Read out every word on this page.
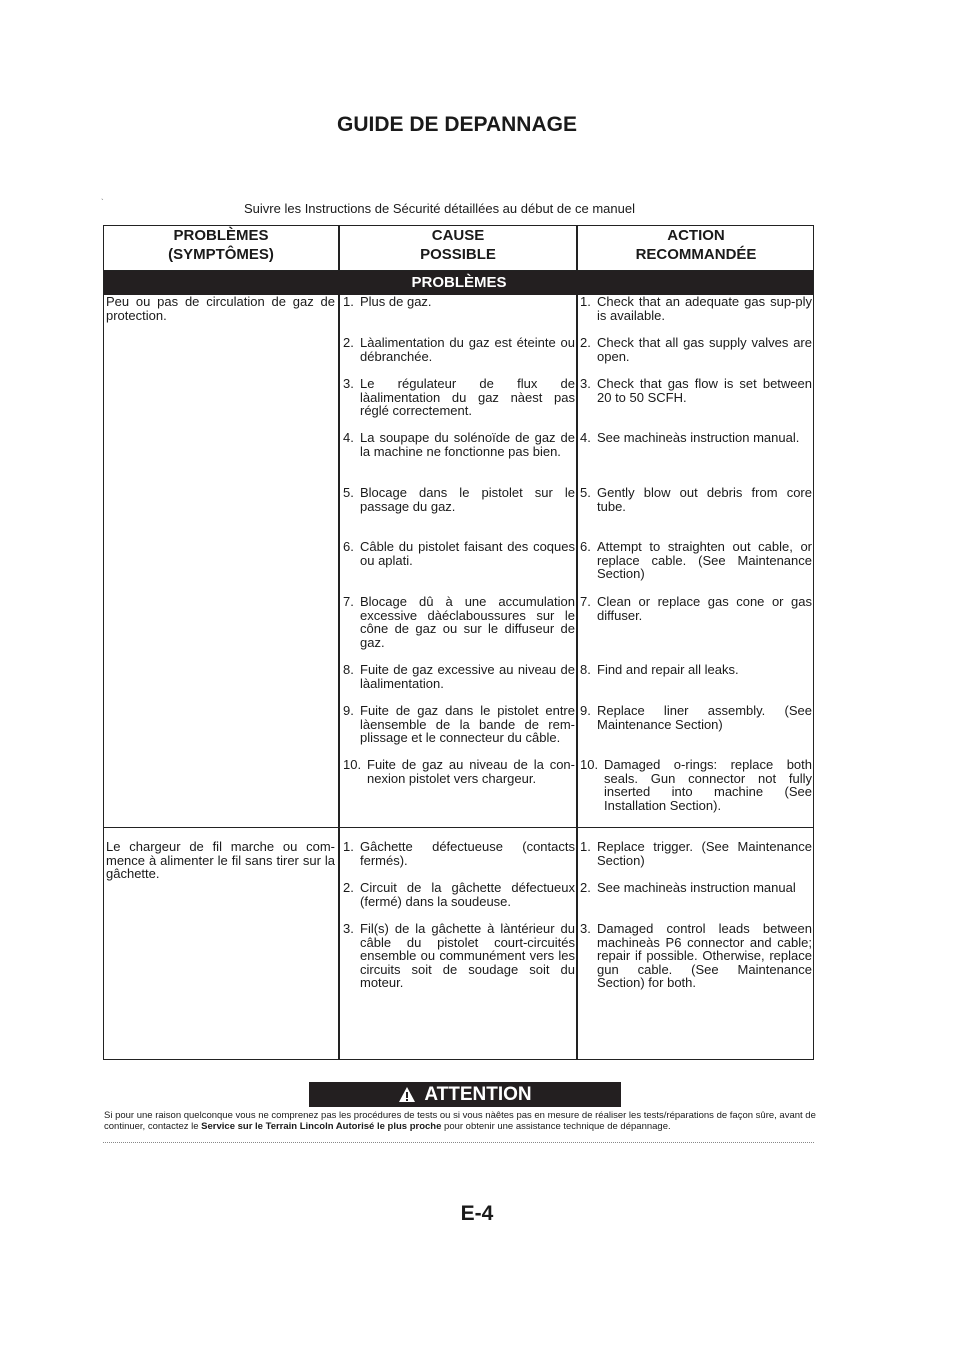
GUIDE DE DEPANNAGE
`	Suivre les Instructions de Sécurité détaillées au début de ce manuel
PROBLÈMES
(SYMPTÔMES)
CAUSE
POSSIBLE
ACTION
RECOMMANDÉE
PROBLÈMES
Peu ou pas de circulation de gaz de protection.
1. Plus de gaz.
2. Làalimentation du gaz est éteinte ou débranchée.
3. Le régulateur de flux de làalimentation du gaz nàest pas réglé correctement.
4. La soupape du solénoïde de gaz de la machine ne fonctionne pas bien.
5. Blocage dans le pistolet sur le passage du gaz.
6. Câble du pistolet faisant des coques ou aplati.
7. Blocage dû à une accumulation excessive dàéclaboussures sur le cône de gaz ou sur le diffuseur de gaz.
8. Fuite de gaz excessive au niveau de làalimentation.
9. Fuite de gaz dans le pistolet entre làensemble de la bande de rem-plissage et le connecteur du câble.
10. Fuite de gaz au niveau de la con-nexion pistolet vers chargeur.
1. Check that an adequate gas sup-ply is available.
2. Check that all gas supply valves are open.
3. Check that gas flow is set between 20 to 50 SCFH.
4. See machineàs instruction manual.
5. Gently blow out debris from core tube.
6. Attempt to straighten out cable, or replace cable. (See Maintenance Section)
7. Clean or replace gas cone or gas diffuser.
8. Find and repair all leaks.
9. Replace liner assembly. (See Maintenance Section)
10. Damaged o-rings: replace both seals. Gun connector not fully inserted into machine (See Installation Section).
Le chargeur de fil marche ou com-mence à alimenter le fil sans tirer sur la gâchette.
1. Gâchette défectueuse (contacts fermés).
2. Circuit de la gâchette défectueux (fermé) dans la soudeuse.
3. Fil(s) de la gâchette à làntérieur du câble du pistolet court-circuités ensemble ou communément vers les circuits soit de soudage soit du moteur.
1. Replace trigger. (See Maintenance Section)
2. See machineàs instruction manual
3. Damaged control leads between machineàs P6 connector and cable; repair if possible. Otherwise, replace gun cable. (See Maintenance Section) for both.
ATTENTION
Si pour une raison quelconque vous ne comprenez pas les procédures de tests ou si vous nàêtes pas en mesure de réaliser les tests/réparations de façon sûre, avant de continuer, contactez le Service sur le Terrain Lincoln Autorisé le plus proche pour obtenir une assistance technique de dépannage.
E-4
